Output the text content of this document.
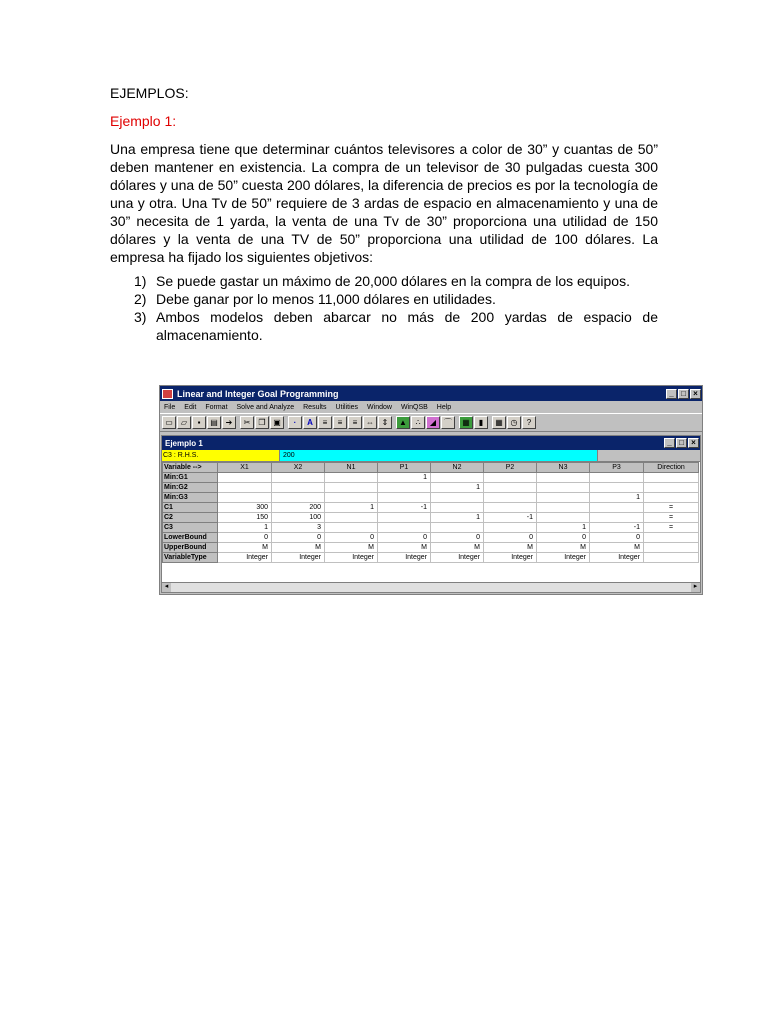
EJEMPLOS:

Ejemplo 1:

Una empresa tiene que determinar cuántos televisores a color de 30” y cuantas de 50” deben mantener en existencia. La compra de un televisor de 30 pulgadas cuesta 300 dólares y una de 50” cuesta 200 dólares, la diferencia de precios es por la tecnología de una y otra. Una Tv de 50” requiere de 3 ardas de espacio en almacenamiento y una de 30” necesita de 1 yarda, la venta de una Tv de 30” proporciona una utilidad de 150 dólares y la venta de una TV de 50” proporciona una utilidad de 100 dólares. La empresa ha fijado los siguientes objetivos:

1) Se puede gastar un máximo de 20,000 dólares en la compra de los equipos.
2) Debe ganar por lo menos 11,000 dólares en utilidades.
3) Ambos modelos deben abarcar no más de 200 yardas de espacio de almacenamiento.
Linear and Integer Goal Programming	_ □ ×
File Edit Format Solve and Analyze Results Utilities Window WinQSB Help
▭	▱	▪	▤ ➔	✂	❐ ▣	·	A	≡	≡	≡	⇔ ⇕	▲	∴	◢ ⌒	▦	▮	▦ ◷	?
Ejemplo 1	_ □ ×
C3 : R.H.S.	200
Variable -->	X1	X2	N1	P1	N2	P2	N3	P3	Direction
Min:G1				1					
Min:G2					1				
Min:G3								1	
C1	300	200	1	-1					=
C2	150	100			1	-1			=
C3	1	3					1	-1	=
LowerBound	0	0	0	0	0	0	0	0	
UpperBound	M	M	M	M	M	M	M	M	
VariableType	Integer	Integer	Integer	Integer	Integer	Integer	Integer	Integer	
◂	▸
